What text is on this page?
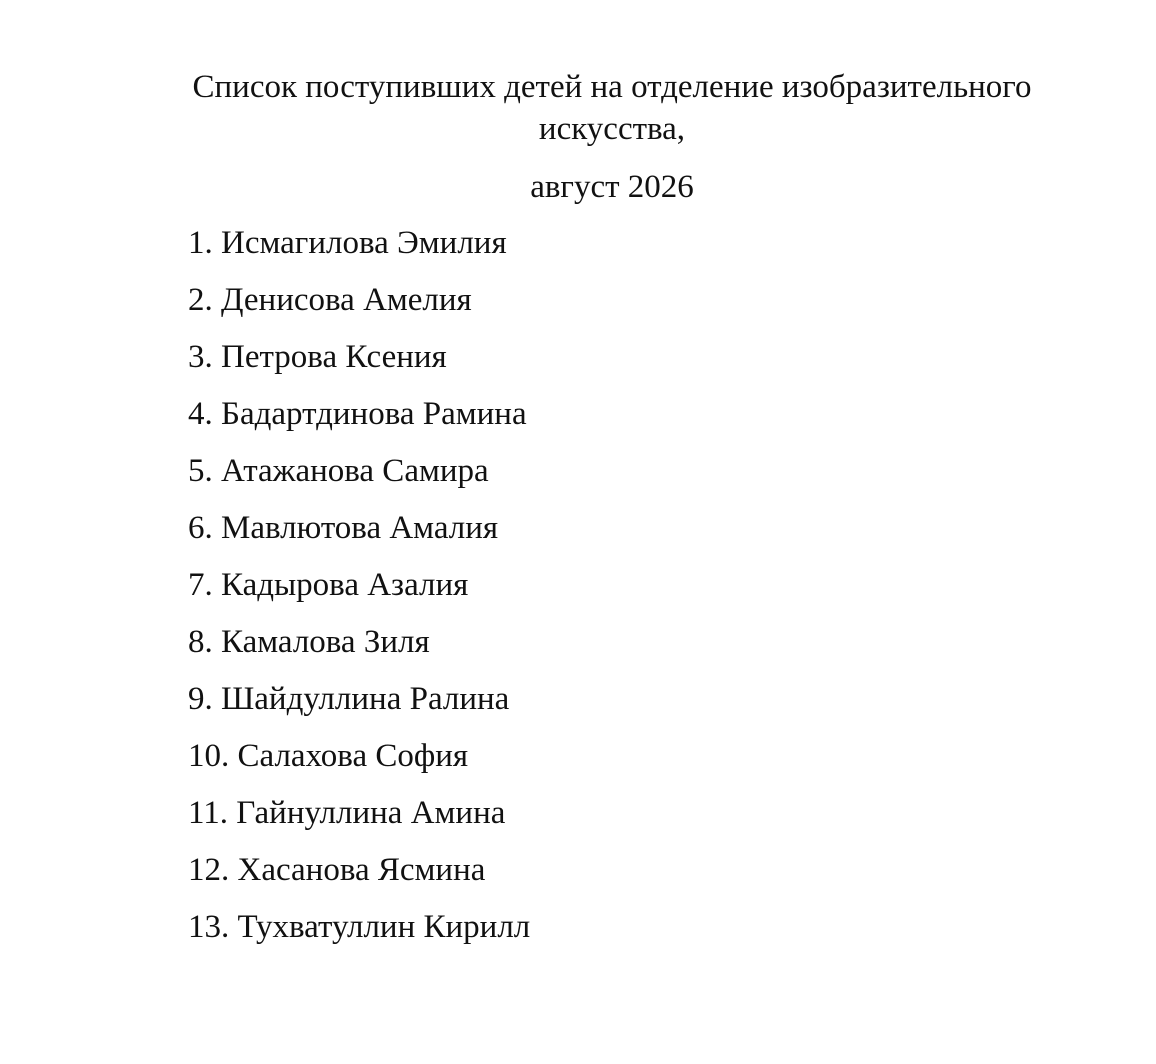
Список поступивших детей на отделение изобразительного искусства,

август 2026

1. Исмагилова Эмилия
2. Денисова Амелия
3. Петрова Ксения
4. Бадартдинова Рамина
5. Атажанова Самира
6. Мавлютова Амалия
7. Кадырова Азалия
8. Камалова Зиля
9. Шайдуллина Ралина
10. Салахова София
11. Гайнуллина Амина
12. Хасанова Ясмина
13. Тухватуллин Кирилл
